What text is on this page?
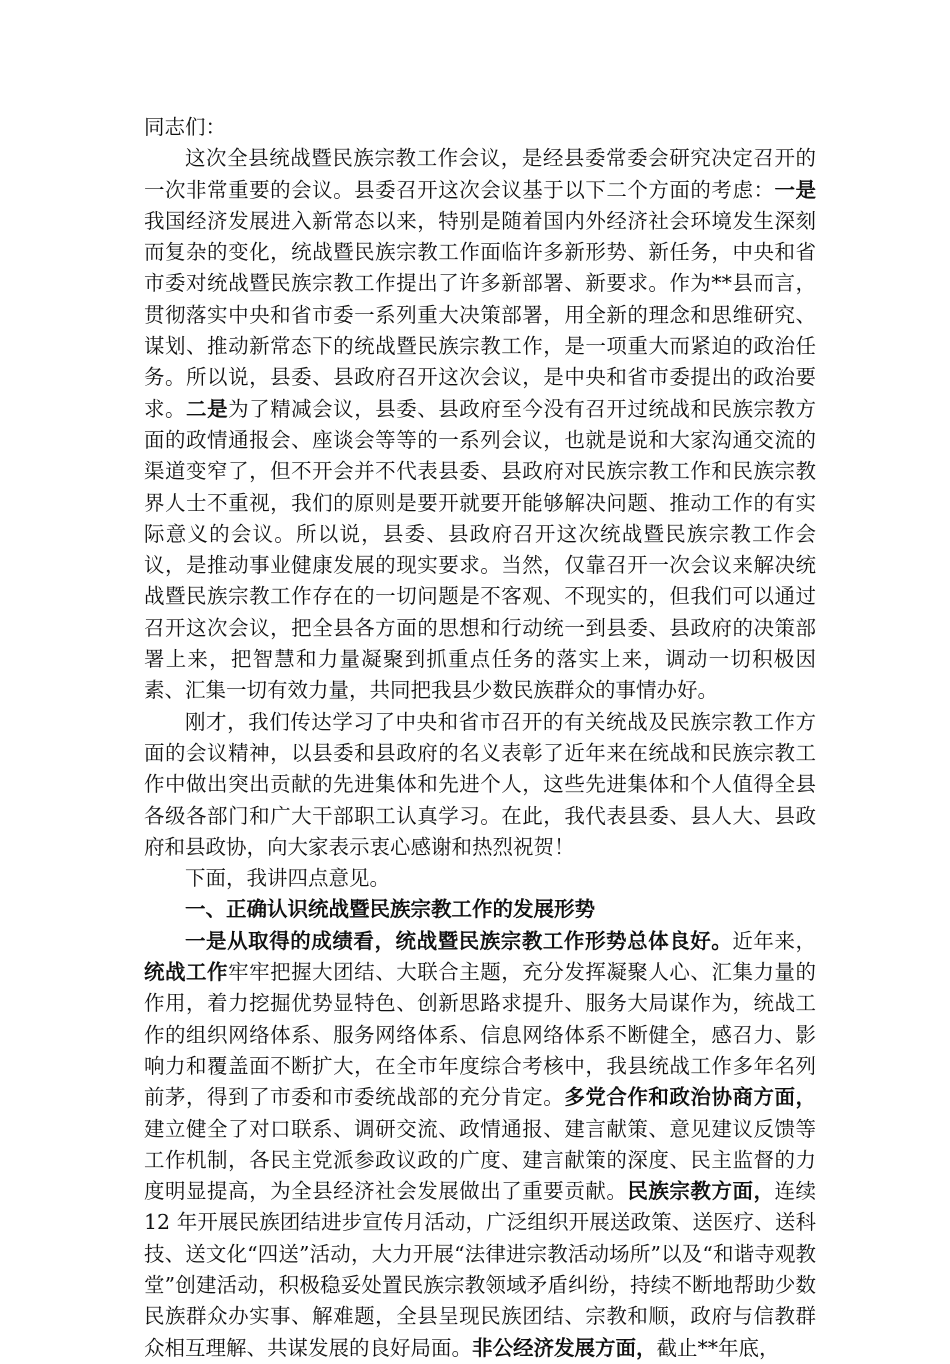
同志们：

这次全县统战暨民族宗教工作会议，是经县委常委会研究决定召开的一次非常重要的会议。县委召开这次会议基于以下二个方面的考虑：一是我国经济发展进入新常态以来，特别是随着国内外经济社会环境发生深刻而复杂的变化，统战暨民族宗教工作面临许多新形势、新任务，中央和省市委对统战暨民族宗教工作提出了许多新部署、新要求。作为**县而言，贯彻落实中央和省市委一系列重大决策部署，用全新的理念和思维研究、谋划、推动新常态下的统战暨民族宗教工作，是一项重大而紧迫的政治任务。所以说，县委、县政府召开这次会议，是中央和省市委提出的政治要求。二是为了精减会议，县委、县政府至今没有召开过统战和民族宗教方面的政情通报会、座谈会等等的一系列会议，也就是说和大家沟通交流的渠道变窄了，但不开会并不代表县委、县政府对民族宗教工作和民族宗教界人士不重视，我们的原则是要开就要开能够解决问题、推动工作的有实际意义的会议。所以说，县委、县政府召开这次统战暨民族宗教工作会议，是推动事业健康发展的现实要求。当然，仅靠召开一次会议来解决统战暨民族宗教工作存在的一切问题是不客观、不现实的，但我们可以通过召开这次会议，把全县各方面的思想和行动统一到县委、县政府的决策部署上来，把智慧和力量凝聚到抓重点任务的落实上来，调动一切积极因素、汇集一切有效力量，共同把我县少数民族群众的事情办好。

刚才，我们传达学习了中央和省市召开的有关统战及民族宗教工作方面的会议精神，以县委和县政府的名义表彰了近年来在统战和民族宗教工作中做出突出贡献的先进集体和先进个人，这些先进集体和个人值得全县各级各部门和广大干部职工认真学习。在此，我代表县委、县人大、县政府和县政协，向大家表示衷心感谢和热烈祝贺！

下面，我讲四点意见。

一、正确认识统战暨民族宗教工作的发展形势

一是从取得的成绩看，统战暨民族宗教工作形势总体良好。近年来，统战工作牢牢把握大团结、大联合主题，充分发挥凝聚人心、汇集力量的作用，着力挖掘优势显特色、创新思路求提升、服务大局谋作为，统战工作的组织网络体系、服务网络体系、信息网络体系不断健全，感召力、影响力和覆盖面不断扩大，在全市年度综合考核中，我县统战工作多年名列前茅，得到了市委和市委统战部的充分肯定。多党合作和政治协商方面，建立健全了对口联系、调研交流、政情通报、建言献策、意见建议反馈等工作机制，各民主党派参政议政的广度、建言献策的深度、民主监督的力度明显提高，为全县经济社会发展做出了重要贡献。民族宗教方面，连续 12 年开展民族团结进步宣传月活动，广泛组织开展送政策、送医疗、送科技、送文化“四送”活动，大力开展“法律进宗教活动场所”以及“和谐寺观教堂”创建活动，积极稳妥处置民族宗教领域矛盾纠纷，持续不断地帮助少数民族群众办实事、解难题，全县呈现民族团结、宗教和顺，政府与信教群众相互理解、共谋发展的良好局面。非公经济发展方面，截止**年底，
